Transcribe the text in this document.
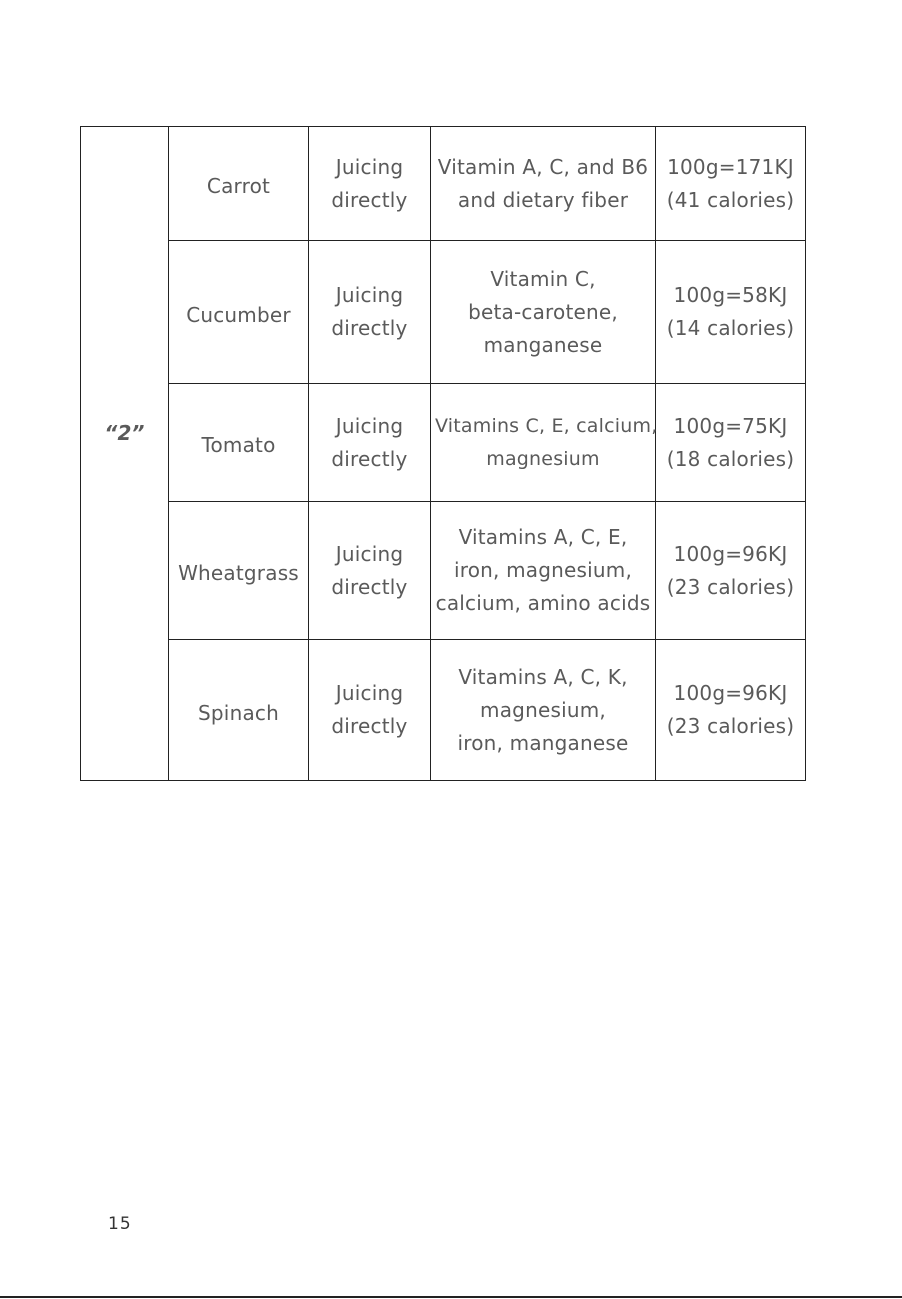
“2”	Carrot	Juicing
directly	Vitamin A, C, and B6
and dietary fiber	100g=171KJ
(41 calories)

	Cucumber	Juicing
directly	Vitamin C,
beta-carotene,
manganese	100g=58KJ
(14 calories)

	Tomato	Juicing
directly	Vitamins C, E, calcium,
magnesium	100g=75KJ
(18 calories)

	Wheatgrass	Juicing
directly	Vitamins A, C, E,
iron, magnesium,
calcium, amino acids	100g=96KJ
(23 calories)

	Spinach	Juicing
directly	Vitamins A, C, K,
magnesium,
iron, manganese	100g=96KJ
(23 calories)
15
